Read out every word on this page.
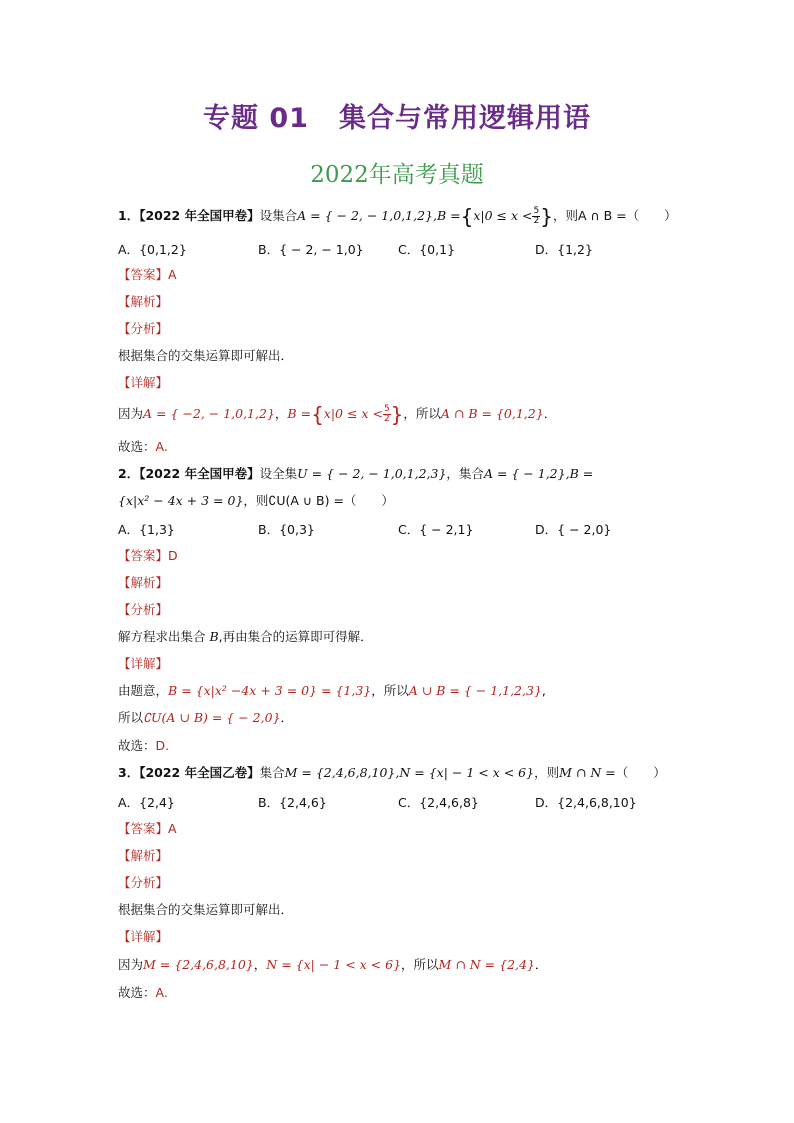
专题 01 集合与常用逻辑用语
2022年高考真题
1．【2022 年全国甲卷】设集合A = { − 2, − $1,0,1,2\},B =\{x|0 \le x < \frac{5}{2}$ }，则A ∩ B =（　　）
A．{0,1,2}	B．{ − 2, − 1,0}	C．{0,1}	D．{1,2}
【答案】A
【解析】
【分析】
根据集合的交集运算即可解出．
【详解】
因为A = { −2, − 1,0,1,2}，$B =\{x|0 \le x < \frac{5}{2}$ }，所以A ∩ B = {0,1,2}．
故选：A.
2．【2022 年全国甲卷】设全集U = { − 2, − 1,0,1,2,3}，集合A = { − 1,2},B =
{x|x² − 4x + 3 = 0}，则∁U(A ∪ B) =（　　）
A．{1,3}	B．{0,3}	C．{ − 2,1}	D．{ − 2,0}
【答案】D
【解析】
【分析】
解方程求出集合 B,再由集合的运算即可得解．
【详解】
由题意，B = {x|x² −4x + 3 = 0} = {1,3}，所以A ∪ B = { − 1,1,2,3},
所以∁U(A ∪ B) = { − 2,0}．
故选：D.
3．【2022 年全国乙卷】集合M = {2,4,6,8,10},N = {x| − 1 < x < 6}，则M ∩ N =（　　）
A．{2,4}	B．{2,4,6}	C．{2,4,6,8}	D．{2,4,6,8,10}
【答案】A
【解析】
【分析】
根据集合的交集运算即可解出．
【详解】
因为M = {2,4,6,8,10}，N = {x| − 1 < x < 6}，所以M ∩ N = {2,4}．
故选：A.
